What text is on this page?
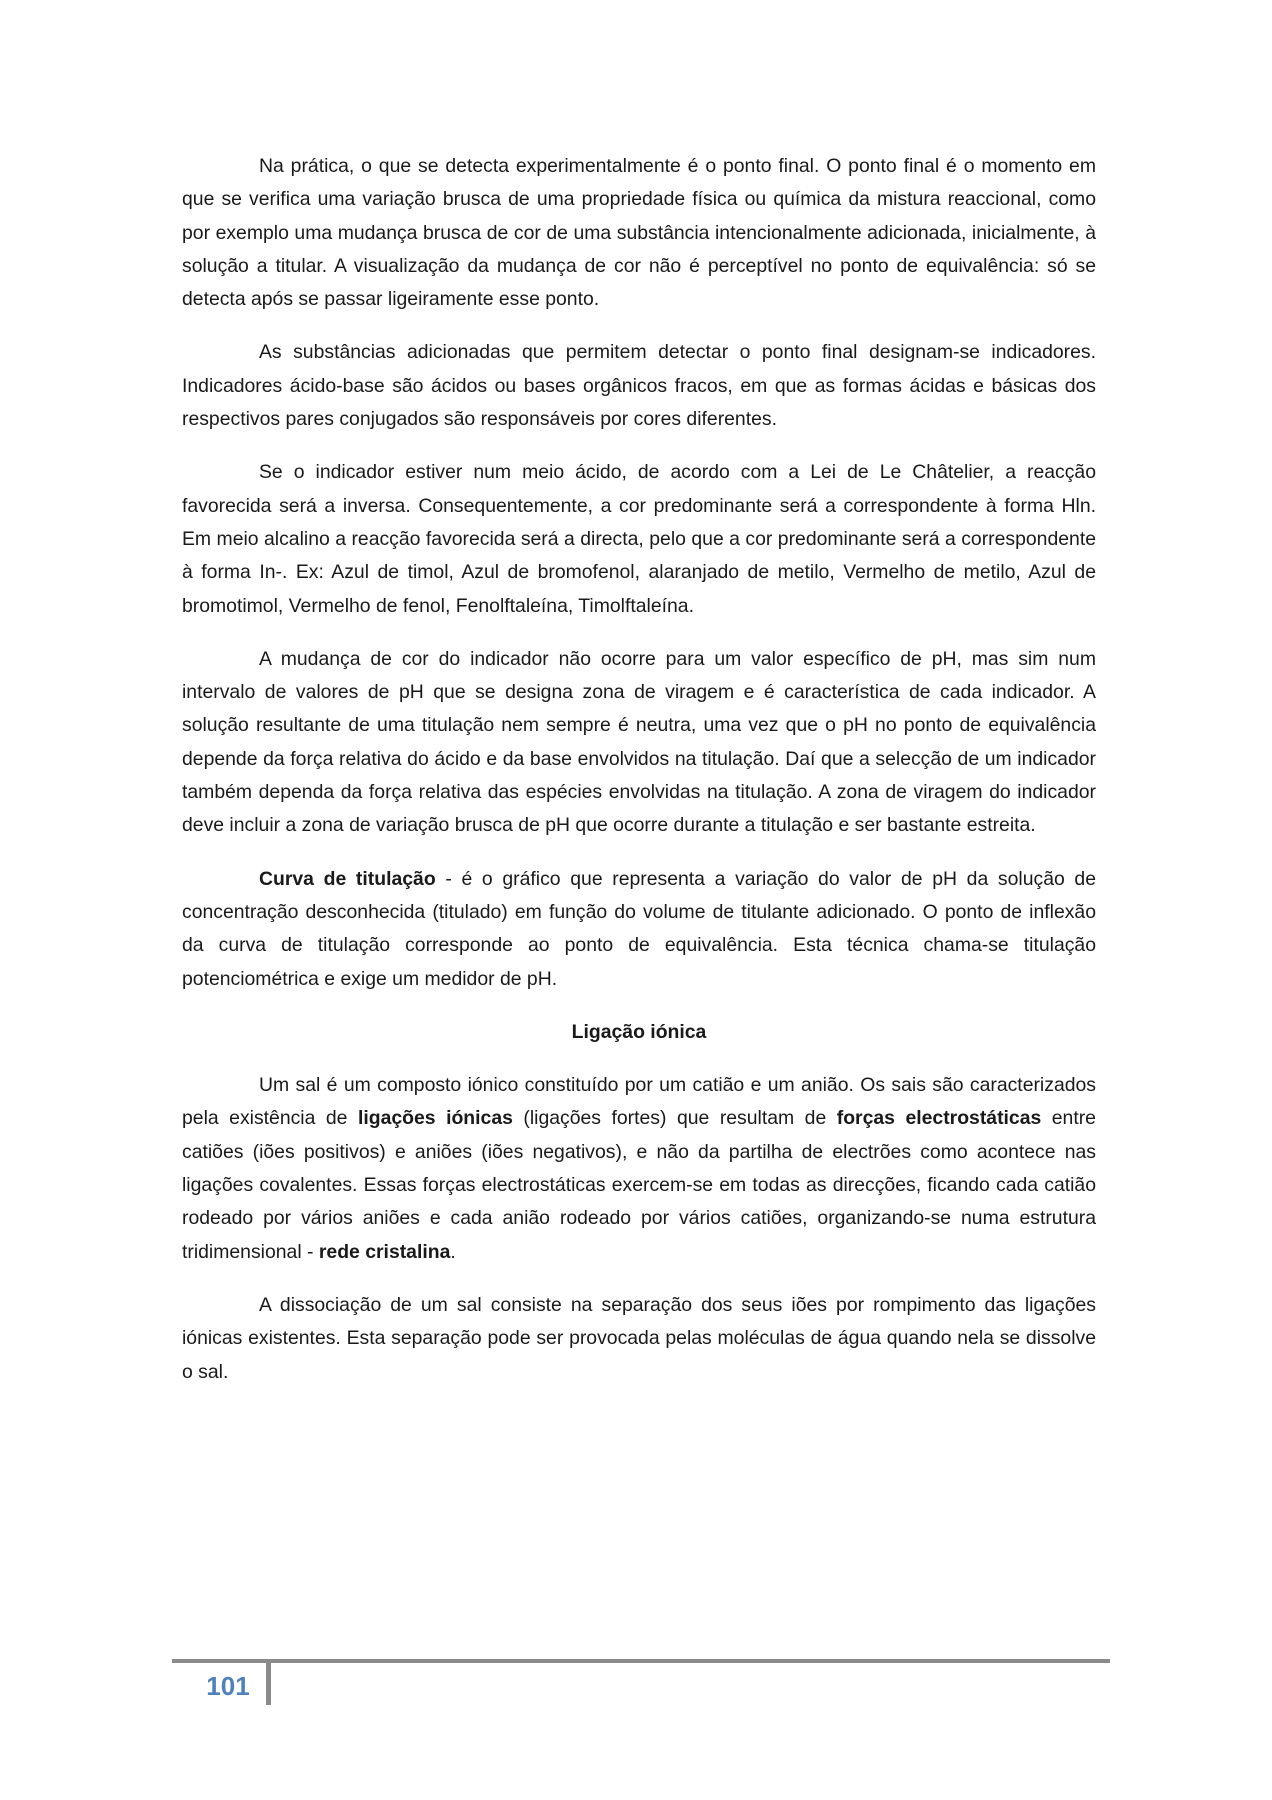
Na prática, o que se detecta experimentalmente é o ponto final. O ponto final é o momento em que se verifica uma variação brusca de uma propriedade física ou química da mistura reaccional, como por exemplo uma mudança brusca de cor de uma substância intencionalmente adicionada, inicialmente, à solução a titular. A visualização da mudança de cor não é perceptível no ponto de equivalência: só se detecta após se passar ligeiramente esse ponto.

As substâncias adicionadas que permitem detectar o ponto final designam-se indicadores. Indicadores ácido-base são ácidos ou bases orgânicos fracos, em que as formas ácidas e básicas dos respectivos pares conjugados são responsáveis por cores diferentes.

Se o indicador estiver num meio ácido, de acordo com a Lei de Le Châtelier, a reacção favorecida será a inversa. Consequentemente, a cor predominante será a correspondente à forma Hln. Em meio alcalino a reacção favorecida será a directa, pelo que a cor predominante será a correspondente à forma In-. Ex: Azul de timol, Azul de bromofenol, alaranjado de metilo, Vermelho de metilo, Azul de bromotimol, Vermelho de fenol, Fenolftaleína, Timolftaleína.

A mudança de cor do indicador não ocorre para um valor específico de pH, mas sim num intervalo de valores de pH que se designa zona de viragem e é característica de cada indicador. A solução resultante de uma titulação nem sempre é neutra, uma vez que o pH no ponto de equivalência depende da força relativa do ácido e da base envolvidos na titulação. Daí que a selecção de um indicador também dependa da força relativa das espécies envolvidas na titulação. A zona de viragem do indicador deve incluir a zona de variação brusca de pH que ocorre durante a titulação e ser bastante estreita.

Curva de titulação - é o gráfico que representa a variação do valor de pH da solução de concentração desconhecida (titulado) em função do volume de titulante adicionado. O ponto de inflexão da curva de titulação corresponde ao ponto de equivalência. Esta técnica chama-se titulação potenciométrica e exige um medidor de pH.

Ligação iónica

Um sal é um composto iónico constituído por um catião e um anião. Os sais são caracterizados pela existência de ligações iónicas (ligações fortes) que resultam de forças electrostáticas entre catiões (iões positivos) e aniões (iões negativos), e não da partilha de electrões como acontece nas ligações covalentes. Essas forças electrostáticas exercem-se em todas as direcções, ficando cada catião rodeado por vários aniões e cada anião rodeado por vários catiões, organizando-se numa estrutura tridimensional - rede cristalina.

A dissociação de um sal consiste na separação dos seus iões por rompimento das ligações iónicas existentes. Esta separação pode ser provocada pelas moléculas de água quando nela se dissolve o sal.

101
